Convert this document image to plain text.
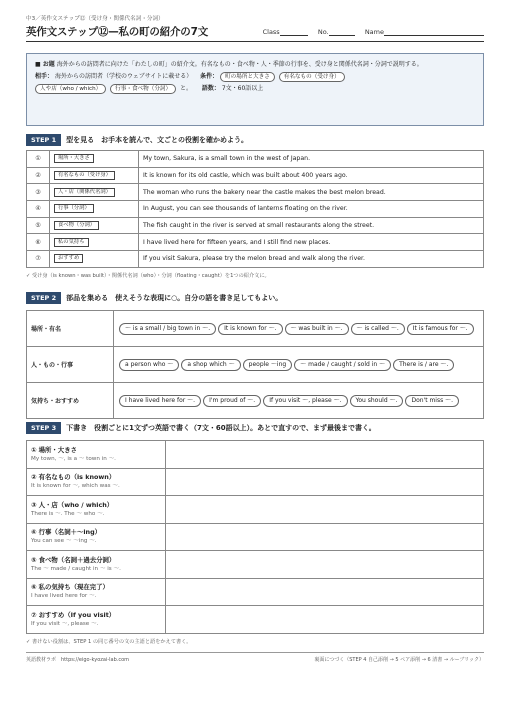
中3／英作文ステップ⑫（受け身・関係代名詞・分詞）
英作文ステップ⑫—私の町の紹介の7文	Class	No.	Name
■ お題 海外からの訪問者に向けた「わたしの町」の紹介文。有名なもの・食べ物・人・季節の行事を、受け身と関係代名詞・分詞で説明する。
相手： 海外からの訪問者（学校のウェブサイトに載せる） 条件： 町の場所と大きさ 有名なもの（受け身）
人や店（who / which） 行事・食べ物（分詞） と。 語数： 7文・60語以上
STEP 1 型を見る　お手本を読んで、文ごとの役割を確かめよう。
①	場所・大きさ	My town, Sakura, is a small town in the west of Japan.
②	有名なもの（受け身）	It is known for its old castle, which was built about 400 years ago.
③	人・店（関係代名詞）	The woman who runs the bakery near the castle makes the best melon bread.
④	行事（分詞）	In August, you can see thousands of lanterns floating on the river.
⑤	食べ物（分詞）	The fish caught in the river is served at small restaurants along the street.
⑥	私の気持ち	I have lived here for fifteen years, and I still find new places.
⑦	おすすめ	If you visit Sakura, please try the melon bread and walk along the river.
✓ 受け身（is known・was built）・関係代名詞（who）・分詞（floating・caught）を1つの紹介文に。
STEP 2 部品を集める　使えそうな表現に○。自分の語を書き足してもよい。
場所・有名	～ is a small / big town in ～. It is known for ～. ～ was built in ～. ～ is called ～. It is famous for ～.
人・もの・行事	a person who ～ a shop which ～ people ～ing ～ made / caught / sold in ～ There is / are ～.
気持ち・おすすめ	I have lived here for ～. I'm proud of ～. If you visit ～, please ～. You should ～. Don't miss ～.
STEP 3 下書き　役割ごとに1文ずつ英語で書く（7文・60語以上）。あとで直すので、まず最後まで書く。
① 場所・大きさ
My town, ～, is a ～ town in ～.	

② 有名なもの（is known）
It is known for ～, which was ～.	

③ 人・店（who / which）
There is ～. The ～ who ～.	

④ 行事（名詞＋～ing）
You can see ～ ～ing ～.	

⑤ 食べ物（名詞＋過去分詞）
The ～ made / caught in ～ is ～.	

⑥ 私の気持ち（現在完了）
I have lived here for ～.	

⑦ おすすめ（If you visit）
If you visit ～, please ～.	

✓ 書けない役割は、STEP 1 の同じ番号の文の主語と語をかえて書く。
英語教材ラボ　https://eigo-kyozai-lab.com	裏面につづく（STEP 4 自己添削 → 5 ペア添削 → 6 清書 → ルーブリック）
